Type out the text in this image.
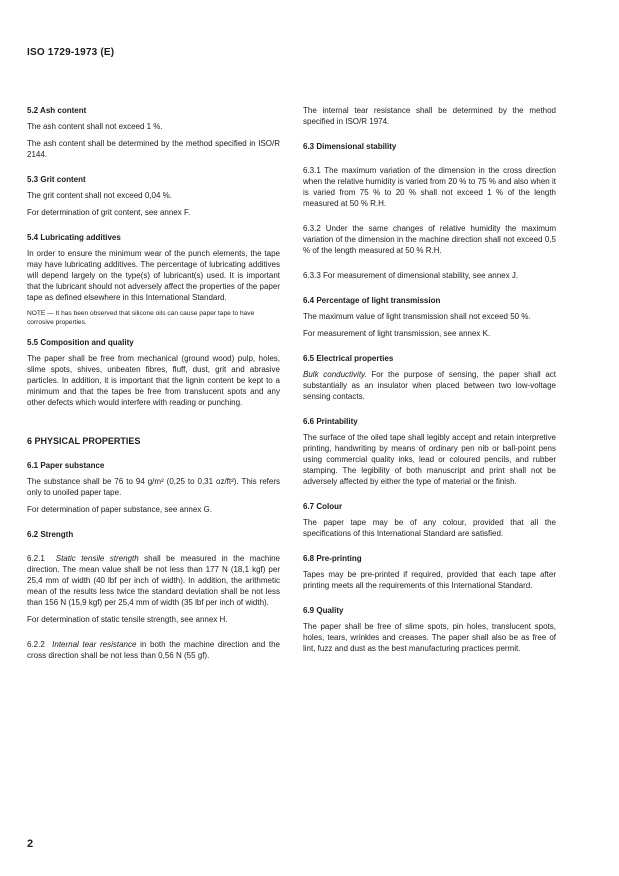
ISO 1729-1973 (E)
5.2 Ash content
The ash content shall not exceed 1 %.
The ash content shall be determined by the method specified in ISO/R 2144.
5.3 Grit content
The grit content shall not exceed 0,04 %.
For determination of grit content, see annex F.
5.4 Lubricating additives
In order to ensure the minimum wear of the punch elements, the tape may have lubricating additives. The percentage of lubricating additives will depend largely on the type(s) of lubricant(s) used. It is important that the lubricant should not adversely affect the properties of the paper tape as defined elsewhere in this International Standard.
NOTE — It has been observed that silicone oils can cause paper tape to have corrosive properties.
5.5 Composition and quality
The paper shall be free from mechanical (ground wood) pulp, holes, slime spots, shives, unbeaten fibres, fluff, dust, grit and abrasive particles. In addition, it is important that the lignin content be kept to a minimum and that the tapes be free from translucent spots and any other defects which would interfere with reading or punching.
6 PHYSICAL PROPERTIES
6.1 Paper substance
The substance shall be 76 to 94 g/m² (0,25 to 0,31 oz/ft²). This refers only to unoiled paper tape.
For determination of paper substance, see annex G.
6.2 Strength
6.2.1 Static tensile strength shall be measured in the machine direction. The mean value shall be not less than 177 N (18,1 kgf) per 25,4 mm of width (40 lbf per inch of width). In addition, the arithmetic mean of the results less twice the standard deviation shall be not less than 156 N (15,9 kgf) per 25,4 mm of width (35 lbf per inch of width).
For determination of static tensile strength, see annex H.
6.2.2 Internal tear resistance in both the machine direction and the cross direction shall be not less than 0,56 N (55 gf).
The internal tear resistance shall be determined by the method specified in ISO/R 1974.
6.3 Dimensional stability
6.3.1 The maximum variation of the dimension in the cross direction when the relative humidity is varied from 20 % to 75 % and also when it is varied from 75 % to 20 % shall not exceed 1 % of the length measured at 50 % R.H.
6.3.2 Under the same changes of relative humidity the maximum variation of the dimension in the machine direction shall not exceed 0,5 % of the length measured at 50 % R.H.
6.3.3 For measurement of dimensional stability, see annex J.
6.4 Percentage of light transmission
The maximum value of light transmission shall not exceed 50 %.
For measurement of light transmission, see annex K.
6.5 Electrical properties
Bulk conductivity. For the purpose of sensing, the paper shall act substantially as an insulator when placed between two low-voltage sensing contacts.
6.6 Printability
The surface of the oiled tape shall legibly accept and retain interpretive printing, handwriting by means of ordinary pen nib or ball-point pens using commercial quality inks, lead or coloured pencils, and rubber stamping. The legibility of both manuscript and print shall not be adversely affected by either the type of material or the finish.
6.7 Colour
The paper tape may be of any colour, provided that all the specifications of this International Standard are satisfied.
6.8 Pre-printing
Tapes may be pre-printed if required, provided that each tape after printing meets all the requirements of this International Standard.
6.9 Quality
The paper shall be free of slime spots, pin holes, translucent spots, holes, tears, wrinkles and creases. The paper shall also be as free of lint, fuzz and dust as the best manufacturing practices permit.
2
